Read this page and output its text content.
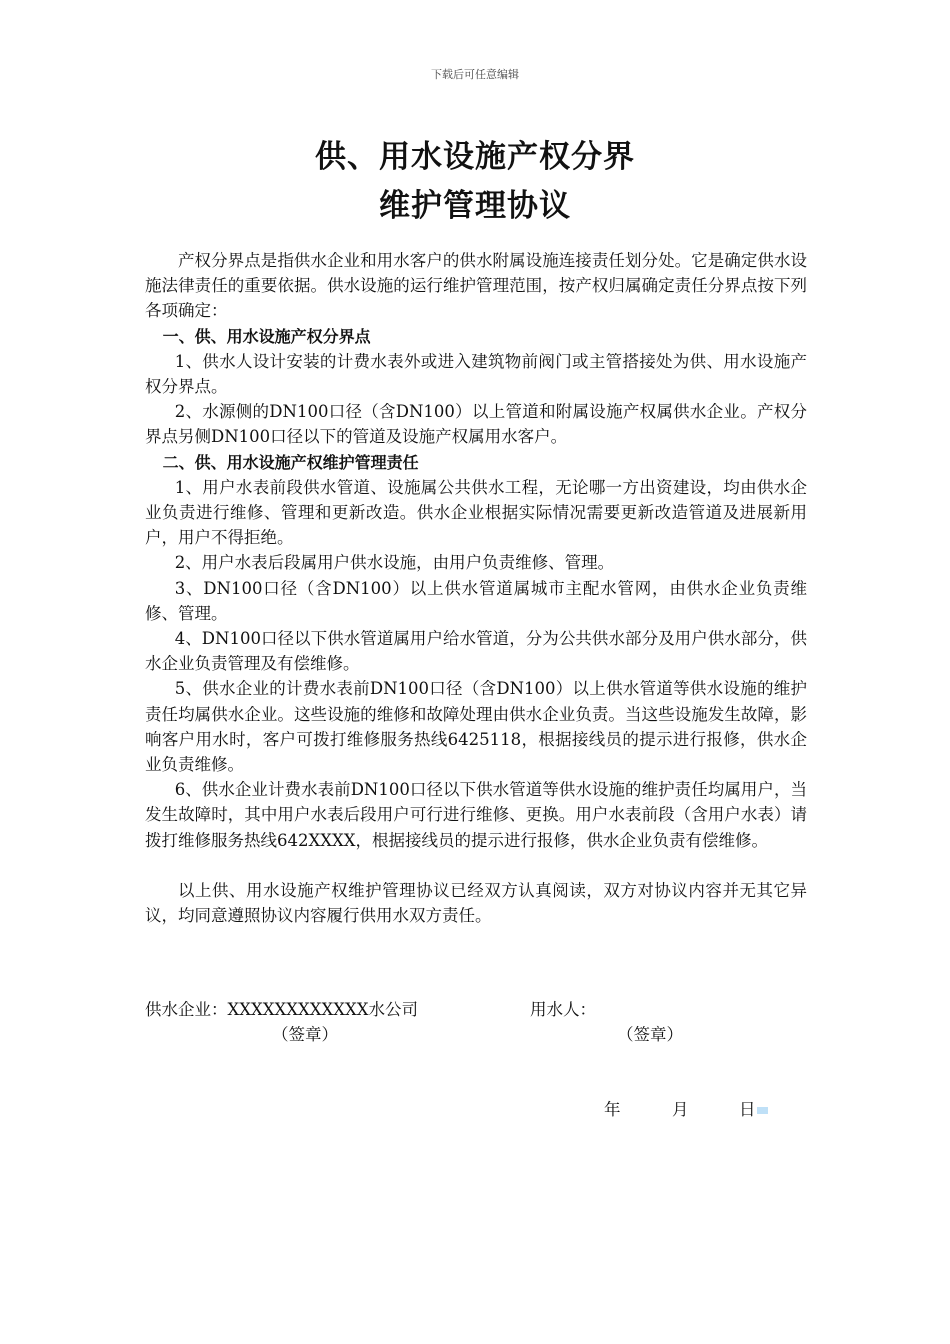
下载后可任意编辑
供、用水设施产权分界
维护管理协议

产权分界点是指供水企业和用水客户的供水附属设施连接责任划分处。它是确定供水设施法律责任的重要依据。供水设施的运行维护管理范围，按产权归属确定责任分界点按下列各项确定：

一、供、用水设施产权分界点

1、供水人设计安装的计费水表外或进入建筑物前阀门或主管搭接处为供、用水设施产权分界点。

2、水源侧的DN100口径（含DN100）以上管道和附属设施产权属供水企业。产权分界点另侧DN100口径以下的管道及设施产权属用水客户。

二、供、用水设施产权维护管理责任

1、用户水表前段供水管道、设施属公共供水工程，无论哪一方出资建设，均由供水企业负责进行维修、管理和更新改造。供水企业根据实际情况需要更新改造管道及进展新用户，用户不得拒绝。

2、用户水表后段属用户供水设施，由用户负责维修、管理。

3、DN100口径（含DN100）以上供水管道属城市主配水管网，由供水企业负责维修、管理。

4、DN100口径以下供水管道属用户给水管道，分为公共供水部分及用户供水部分，供水企业负责管理及有偿维修。

5、供水企业的计费水表前DN100口径（含DN100）以上供水管道等供水设施的维护责任均属供水企业。这些设施的维修和故障处理由供水企业负责。当这些设施发生故障，影响客户用水时，客户可拨打维修服务热线6425118，根据接线员的提示进行报修，供水企业负责维修。

6、供水企业计费水表前DN100口径以下供水管道等供水设施的维护责任均属用户，当发生故障时，其中用户水表后段用户可行进行维修、更换。用户水表前段（含用户水表）请拨打维修服务热线642XXXX，根据接线员的提示进行报修，供水企业负责有偿维修。

以上供、用水设施产权维护管理协议已经双方认真阅读，双方对协议内容并无其它异议，均同意遵照协议内容履行供用水双方责任。

供水企业：XXXXXXXXXXXX水公司
（签章）
用水人：
（签章）
年	月	日
